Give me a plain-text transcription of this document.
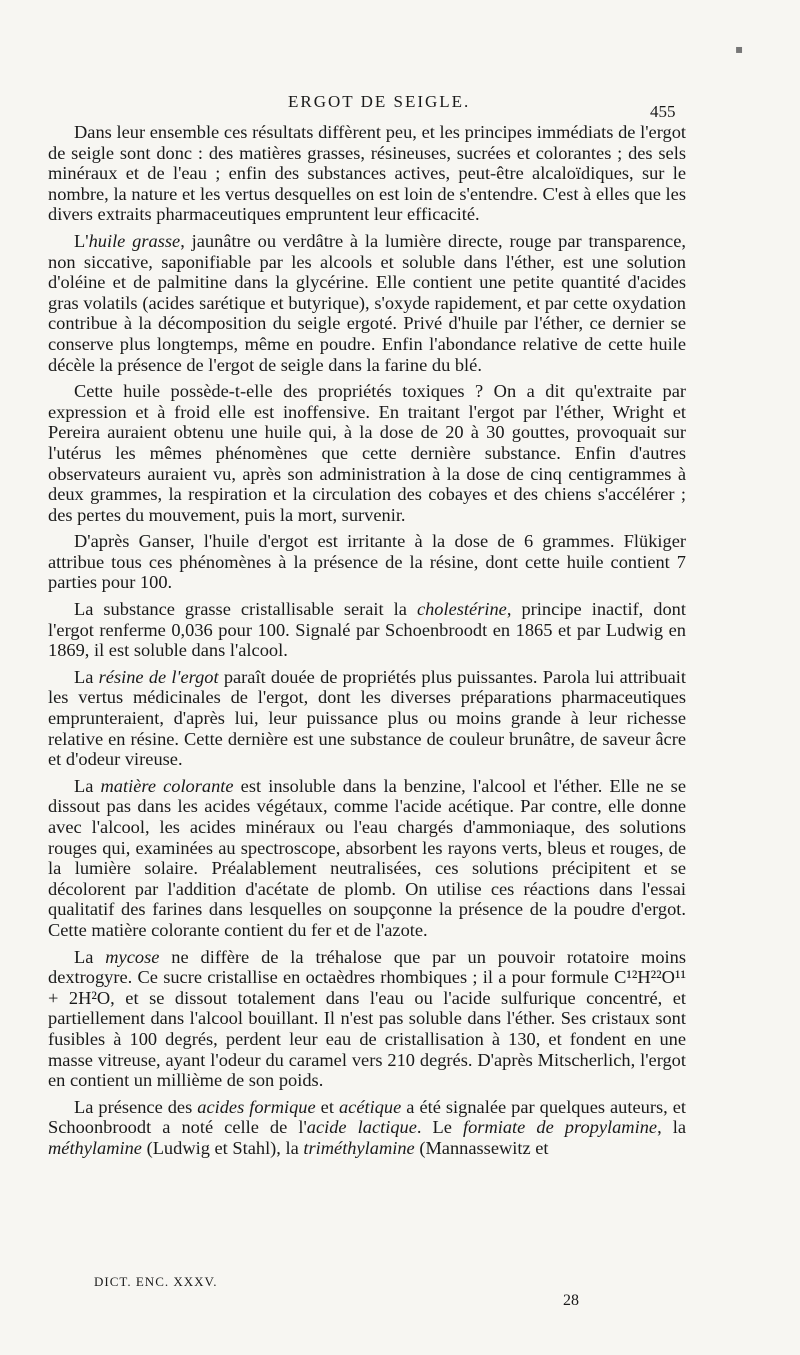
ERGOT DE SEIGLE.
455

Dans leur ensemble ces résultats diffèrent peu, et les principes immédiats de l'ergot de seigle sont donc : des matières grasses, résineuses, sucrées et colorantes ; des sels minéraux et de l'eau ; enfin des substances actives, peut-être alcaloïdiques, sur le nombre, la nature et les vertus desquelles on est loin de s'entendre. C'est à elles que les divers extraits pharmaceutiques empruntent leur efficacité.

L'huile grasse, jaunâtre ou verdâtre à la lumière directe, rouge par transparence, non siccative, saponifiable par les alcools et soluble dans l'éther, est une solution d'oléine et de palmitine dans la glycérine. Elle contient une petite quantité d'acides gras volatils (acides sarétique et butyrique), s'oxyde rapidement, et par cette oxydation contribue à la décomposition du seigle ergoté. Privé d'huile par l'éther, ce dernier se conserve plus longtemps, même en poudre. Enfin l'abondance relative de cette huile décèle la présence de l'ergot de seigle dans la farine du blé.

Cette huile possède-t-elle des propriétés toxiques ? On a dit qu'extraite par expression et à froid elle est inoffensive. En traitant l'ergot par l'éther, Wright et Pereira auraient obtenu une huile qui, à la dose de 20 à 30 gouttes, provoquait sur l'utérus les mêmes phénomènes que cette dernière substance. Enfin d'autres observateurs auraient vu, après son administration à la dose de cinq centigrammes à deux grammes, la respiration et la circulation des cobayes et des chiens s'accélérer ; des pertes du mouvement, puis la mort, survenir.

D'après Ganser, l'huile d'ergot est irritante à la dose de 6 grammes. Flükiger attribue tous ces phénomènes à la présence de la résine, dont cette huile contient 7 parties pour 100.

La substance grasse cristallisable serait la cholestérine, principe inactif, dont l'ergot renferme 0,036 pour 100. Signalé par Schoenbroodt en 1865 et par Ludwig en 1869, il est soluble dans l'alcool.

La résine de l'ergot paraît douée de propriétés plus puissantes. Parola lui attribuait les vertus médicinales de l'ergot, dont les diverses préparations pharmaceutiques emprunteraient, d'après lui, leur puissance plus ou moins grande à leur richesse relative en résine. Cette dernière est une substance de couleur brunâtre, de saveur âcre et d'odeur vireuse.

La matière colorante est insoluble dans la benzine, l'alcool et l'éther. Elle ne se dissout pas dans les acides végétaux, comme l'acide acétique. Par contre, elle donne avec l'alcool, les acides minéraux ou l'eau chargés d'ammoniaque, des solutions rouges qui, examinées au spectroscope, absorbent les rayons verts, bleus et rouges, de la lumière solaire. Préalablement neutralisées, ces solutions précipitent et se décolorent par l'addition d'acétate de plomb. On utilise ces réactions dans l'essai qualitatif des farines dans lesquelles on soupçonne la présence de la poudre d'ergot. Cette matière colorante contient du fer et de l'azote.

La mycose ne diffère de la tréhalose que par un pouvoir rotatoire moins dextrogyre. Ce sucre cristallise en octaèdres rhombiques ; il a pour formule C¹²H²²O¹¹ + 2H²O, et se dissout totalement dans l'eau ou l'acide sulfurique concentré, et partiellement dans l'alcool bouillant. Il n'est pas soluble dans l'éther. Ses cristaux sont fusibles à 100 degrés, perdent leur eau de cristallisation à 130, et fondent en une masse vitreuse, ayant l'odeur du caramel vers 210 degrés. D'après Mitscherlich, l'ergot en contient un millième de son poids.

La présence des acides formique et acétique a été signalée par quelques auteurs, et Schoonbroodt a noté celle de l'acide lactique. Le formiate de propylamine, la méthylamine (Ludwig et Stahl), la triméthylamine (Mannassewitz et

DICT. ENC. XXXV.
28
▪
